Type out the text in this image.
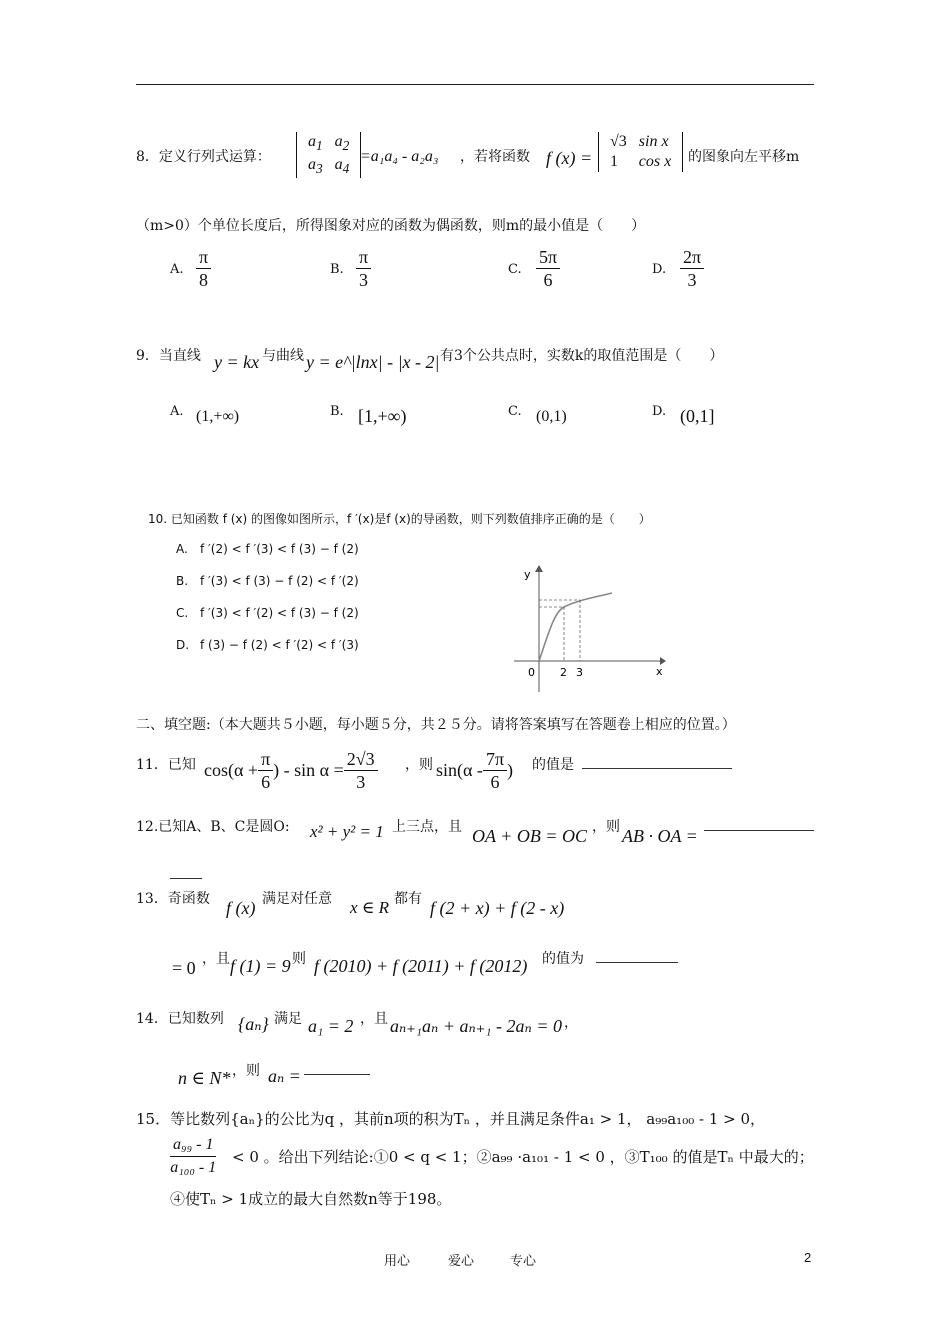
8．定义行列式运算：
$a_1$	$a_2$
$a_3$	$a_4$
=a₁a₄ - a₂a₃ ，若将函数 f (x) =
√3	sin x
1	cos x 的图象向左平移m
（m>0）个单位长度后，所得图象对应的函数为偶函数，则m的最小值是（　　）
A. $\frac{\pi}{8}$	B. $\frac{\pi}{3}$	C. $\frac{5\pi}{6}$	D. $\frac{2\pi}{3}$
9．当直线 y = kx 与曲线 y = e^|lnx| - |x - 2| 有3个公共点时，实数k的取值范围是（　　）
A. (1,+∞)	B. [1,+∞)	C. (0,1)	D. (0,1]
10. 已知函数 f (x) 的图像如图所示，f ′(x)是f (x)的导函数，则下列数值排序正确的是（　　）
A. f ′(2) < f ′(3) < f (3) − f (2)
B. f ′(3) < f (3) − f (2) < f ′(2)
C. f ′(3) < f ′(2) < f (3) − f (2)
D. f (3) − f (2) < f ′(2) < f ′(3)
y
x
0 2 3
二、填空题:（本大题共５小题，每小题５分，共２５分。请将答案填写在答题卷上相应的位置。）
11．已知 $\cos(\alpha + \frac{\pi}{6}$ ) - $\sin \alpha = \frac{2√3}{3}$ ，则 $\sin(\alpha - \frac{7\pi}{6}$ ) 的值是
12.已知A、B、C是圆O: x² + y² = 1 上三点，且 OA + OB = OC ，则 AB · OA =
13．奇函数 f (x) 满足对任意 x ∈ R 都有 f (2 + x) + f (2 - x)
= 0 ，且 f (1) = 9 则 f (2010) + f (2011) + f (2012) 的值为
14．已知数列 {aₙ} 满足 a₁ = 2 ，且 aₙ₊₁aₙ + aₙ₊₁ - 2aₙ = 0 ，
n ∈ N* ，则 aₙ =
15．等比数列{aₙ}的公比为q ，其前n项的积为Tₙ ，并且满足条件a₁ > 1， a₉₉a₁₀₀ - 1 > 0，
$\frac{\text{a₉₉ - 1}}{\text{a₁₀₀ - 1}} < 0$ 。给出下列结论:①0 < q < 1；②a₉₉ ·a₁₀₁ - 1 < 0 ，③T₁₀₀ 的值是Tₙ 中最大的；
④使Tₙ > 1成立的最大自然数n等于198。
用心	爱心	专心	2
